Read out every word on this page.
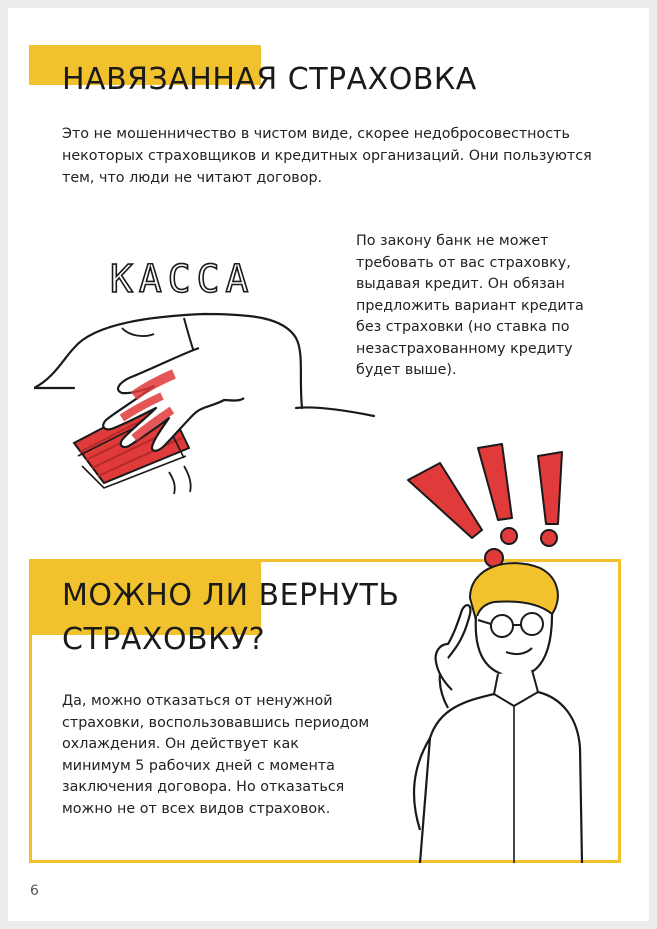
НАВЯЗАННАЯ СТРАХОВКА

Это не мошенничество в чистом виде, скорее недобросовестность некоторых страховщиков и кредитных организаций. Они пользуются тем, что люди не читают договор.

КАССА

По закону банк не может требовать от вас страховку, выдавая кредит. Он обязан предложить вариант кредита без страховки (но ставка по незастрахованному кредиту будет выше).

МОЖНО ЛИ ВЕРНУТЬ
СТРАХОВКУ?

Да, можно отказаться от ненужной страховки, воспользовавшись периодом охлаждения. Он действует как минимум 5 рабочих дней с момента заключения договора. Но отказаться можно не от всех видов страховок.

6
